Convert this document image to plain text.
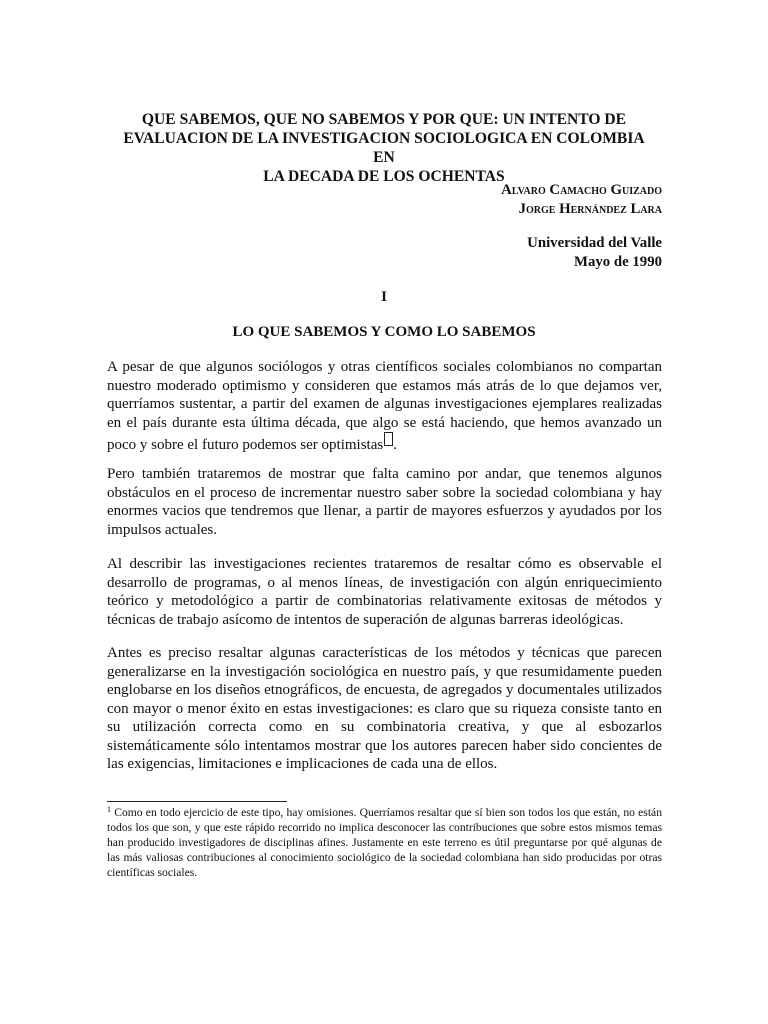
QUE SABEMOS, QUE NO SABEMOS Y POR QUE: UN INTENTO DE
EVALUACION DE LA INVESTIGACION SOCIOLOGICA EN COLOMBIA EN
LA DECADA DE LOS OCHENTAS
Alvaro Camacho Guizado
Jorge Hernández Lara
Universidad del Valle
Mayo de 1990
I
LO QUE SABEMOS Y COMO LO SABEMOS

A pesar de que algunos sociólogos y otras científicos sociales colombianos no compartan nuestro moderado optimismo y consideren que estamos más atrás de lo que dejamos ver, querríamos sustentar, a partir del examen de algunas investigaciones ejemplares realizadas en el país durante esta última década, que algo se está haciendo, que hemos avanzado un poco y sobre el futuro podemos ser optimistas .

Pero también trataremos de mostrar que falta camino por andar, que tenemos algunos obstáculos en el proceso de incrementar nuestro saber sobre la sociedad colombiana y hay enormes vacios que tendremos que llenar, a partir de mayores esfuerzos y ayudados por los impulsos actuales.

Al describir las investigaciones recientes trataremos de resaltar cómo es observable el desarrollo de programas, o al menos líneas, de investigación con algún enriquecimiento teórico y metodológico a partir de combinatorias relativamente exitosas de métodos y técnicas de trabajo asícomo de intentos de superación de algunas barreras ideológicas.

Antes es preciso resaltar algunas características de los métodos y técnicas que parecen generalizarse en la investigación sociológica en nuestro país, y que resumidamente pueden englobarse en los diseños etnográficos, de encuesta, de agregados y documentales utilizados con mayor o menor éxito en estas investigaciones: es claro que su riqueza consiste tanto en su utilización correcta como en su combinatoria creativa, y que al esbozarlos sistemáticamente sólo intentamos mostrar que los autores parecen haber sido concientes de las exigencias, limitaciones e implicaciones de cada una de ellos.

$^1$ Como en todo ejercicio de este tipo, hay omisiones. Querríamos resaltar que sí bien son todos los que están, no están todos los que son, y que este rápido recorrido no implica desconocer las contribuciones que sobre estos mismos temas han producido investigadores de disciplinas afines. Justamente en este terreno es útil preguntarse por qué algunas de las más valiosas contribuciones al conocimiento sociológico de la sociedad colombiana han sido producidas por otras científicas sociales.
